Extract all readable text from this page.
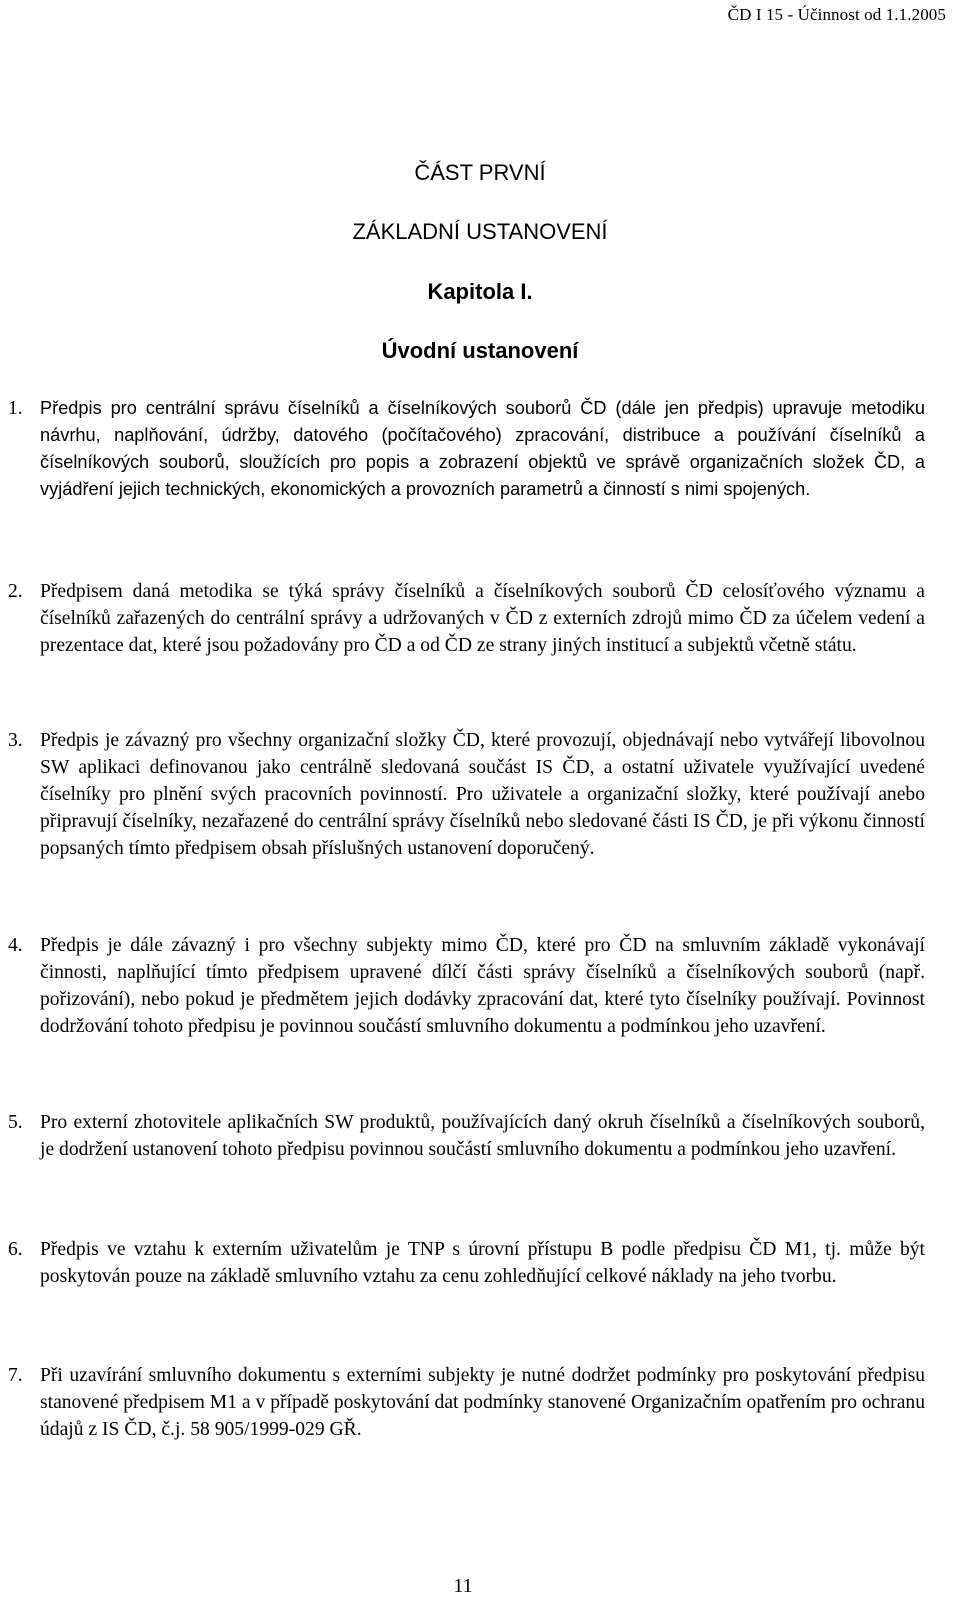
ČD I 15 - Účinnost od 1.1.2005
ČÁST PRVNÍ
ZÁKLADNÍ USTANOVENÍ
Kapitola I.
Úvodní ustanovení
1. Předpis pro centrální správu číselníků a číselníkových souborů ČD (dále jen předpis) upravuje metodiku návrhu, naplňování, údržby, datového (počítačového) zpracování, distribuce a používání číselníků a číselníkových souborů, sloužících pro popis a zobrazení objektů ve správě organizačních složek ČD, a vyjádření jejich technických, ekonomických a provozních parametrů a činností s nimi spojených.
2. Předpisem daná metodika se týká správy číselníků a číselníkových souborů ČD celosíťového významu a číselníků zařazených do centrální správy a udržovaných v ČD z externích zdrojů mimo ČD za účelem vedení a prezentace dat, které jsou požadovány pro ČD a od ČD ze strany jiných institucí a subjektů včetně státu.
3. Předpis je závazný pro všechny organizační složky ČD, které provozují, objednávají nebo vytvářejí libovolnou SW aplikaci definovanou jako centrálně sledovaná součást IS ČD, a ostatní uživatele využívající uvedené číselníky pro plnění svých pracovních povinností. Pro uživatele a organizační složky, které používají anebo připravují číselníky, nezařazené do centrální správy číselníků nebo sledované části IS ČD, je při výkonu činností popsaných tímto předpisem obsah příslušných ustanovení doporučený.
4. Předpis je dále závazný i pro všechny subjekty mimo ČD, které pro ČD na smluvním základě vykonávají činnosti, naplňující tímto předpisem upravené dílčí části správy číselníků a číselníkových souborů (např. pořizování), nebo pokud je předmětem jejich dodávky zpracování dat, které tyto číselníky používají. Povinnost dodržování tohoto předpisu je povinnou součástí smluvního dokumentu a podmínkou jeho uzavření.
5. Pro externí zhotovitele aplikačních SW produktů, používajících daný okruh číselníků a číselníkových souborů, je dodržení ustanovení tohoto předpisu povinnou součástí smluvního dokumentu a podmínkou jeho uzavření.
6. Předpis ve vztahu k externím uživatelům je TNP s úrovní přístupu B podle předpisu ČD M1, tj. může být poskytován pouze na základě smluvního vztahu za cenu zohledňující celkové náklady na jeho tvorbu.
7. Při uzavírání smluvního dokumentu s externími subjekty je nutné dodržet podmínky pro poskytování předpisu stanovené předpisem M1 a v případě poskytování dat podmínky stanovené Organizačním opatřením pro ochranu údajů z IS ČD, č.j. 58 905/1999-029 GŘ.
11
